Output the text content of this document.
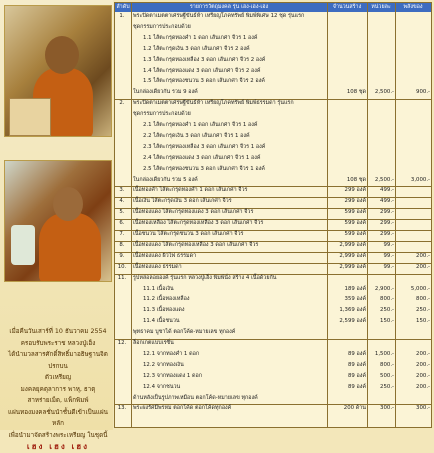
เมื่อคืนวันเสาร์ที่ 10 ธันวาคม 2554
ครอบรับพระราช หลวงปู่เฮ็ง
ได้นำมวลสารศักดิ์สิทธิ์มาอธิษฐานจิตปรกบน
ตัวเหรียญ
มงคลยุคตุลาการ พาหุ, ธาตุ
สาหร่ายเม็ด, แพ็กพิมพ์
แผ่นทองมงคลชั่นนำชั้นดีเข้าเป็นแผ่นหลัก
เพื่อนำมาจัดสร้างพระเหรียญ ในชุดนี้
เฮง เฮง เฮง
ลำดับ	รายการวัตถุมงคล รุ่น เฮง-เฮง-เฮง	จำนวนสร้าง	หน่วยละ	พลังของ
1.	พระปิดตาเมตตาเศรษฐีขันธ์ห้า เหรียญโภคทรัพย์ พิมพ์พิเศษ 12 ชุด รุ่นแรก
ชุดกรรมการประกอบด้วย
1.1 ไส้ตะกรุดทองคำ 1 ดอก เส้นเกศา จีวร 1 องค์
1.2 ไส้ตะกรุดเงิน 3 ดอก เส้นเกศา จีวร 2 องค์
1.3 ไส้ตะกรุดทองเหลือง 3 ดอก เส้นเกศา จีวร 2 องค์
1.4 ไส้ตะกรุดทองแดง 3 ดอก เส้นเกศา จีวร 2 องค์
1.5 ไส้ตะกรุดทองชนวน 3 ดอก เส้นเกศา จีวร 2 องค์
ในกล่องเดียวกัน รวม 9 องค์	108 ชุด	2,500.-	900.-
2.	พระปิดตาเมตตาเศรษฐีขันธ์ห้า เหรียญโภคทรัพย์ พิมพ์ธรรมดา รุ่นแรก
ชุดกรรมการประกอบด้วย
2.1 ไส้ตะกรุดทองคำ 1 ดอก เส้นเกศา จีวร 1 องค์
2.2 ไส้ตะกรุดเงิน 3 ดอก เส้นเกศา จีวร 1 องค์
2.3 ไส้ตะกรุดทองเหลือง 3 ดอก เส้นเกศา จีวร 1 องค์
2.4 ไส้ตะกรุดทองแดง 3 ดอก เส้นเกศา จีวร 1 องค์
2.5 ไส้ตะกรุดทองชนวน 3 ดอก เส้นเกศา จีวร 1 องค์
ในกล่องเดียวกัน รวม 5 องค์	108 ชุด	2,500.-	3,000.-
3.	เนื้อทองคำ ไส้ตะกรุดทองคำ 1 ดอก เส้นเกศา จีวร	299 องค์	499.-
4.	เนื้อเงิน ไส้ตะกรุดเงิน 3 ดอก เส้นเกศา จีวร	299 องค์	499.-
5.	เนื้อทองแดง ไส้ตะกรุดทองแดง 3 ดอก เส้นเกศา จีวร	599 องค์	299.-
6.	เนื้อทองเหลือง ไส้ตะกรุดทองเหลือง 3 ดอก เส้นเกศา จีวร	599 องค์	299.-
7.	เนื้อชนวน ไส้ตะกรุดชนวน 3 ดอก เส้นเกศา จีวร	599 องค์	299.-
8.	เนื้อทองแดง ไส้ตะกรุดทองเหลือง 3 ดอก เส้นเกศา จีวร	2,999 องค์	99.-
9.	เนื้อทองแดง ผิวไฟ ธรรมดา	2,999 องค์	99.-	200.-
10.	เนื้อทองแดง ธรรมดา	2,999 องค์	99.-	200.-
11.	รูปหล่อลอยองค์ รุ่นแรก หลวงปู่เฮ็ง พิมพ์นั่ง สร้าง 4 เนื้อด้วยกัน
11.1 เนื้อเงิน	189 องค์	2,900.-	5,000.-
11.2 เนื้อทองเหลือง	359 องค์	800.-	800.-
11.3 เนื้อทองแดง	1,369 องค์	250.-	250.-
11.4 เนื้อชนวน	2,599 องค์	150.-	150.-
พุทธาคม บูชาได้ ตอกโค้ด-หมายเลข ทุกองค์
12.	ล็อกเกตแบบเรซิ่น
12.1 จากทองคำ 1 ดอก	89 องค์	1,500.-	200.-
12.2 จากทองเงิน	89 องค์	800.-	200.-
12.3 จากทองแดง 1 ดอก	89 องค์	500.-	200.-
12.4 จากชนวน	89 องค์	250.-	200.-
ด้านหลังเป็นรูปภาพเหมือน ตอกโค้ด-หมายเลข ทุกองค์
13.	พระผงรัศมีพรหม ตอกโค้ด ตอกโค้ดทุกองค์	200 ด้าน	300.-	300.-
